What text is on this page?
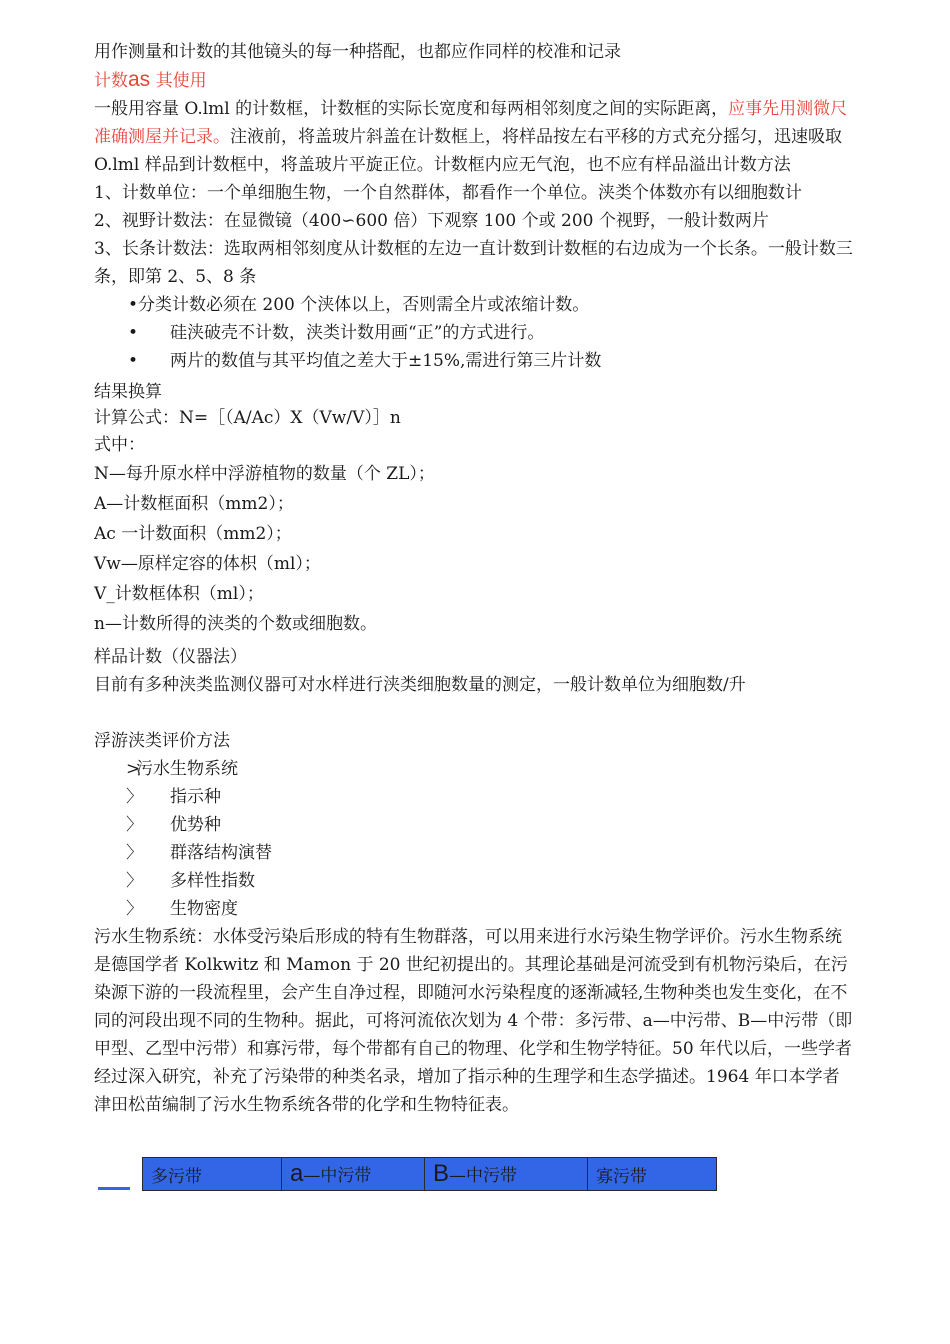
用作测量和计数的其他镜头的每一种搭配，也都应作同样的校准和记录

计数as 其使用

一般用容量 O.lml 的计数框，计数框的实际长宽度和每两相邻刻度之间的实际距离，应事先用测微尺准确测屋并记录。注液前，将盖玻片斜盖在计数框上，将样品按左右平移的方式充分摇匀，迅速吸取 O.lml 样品到计数框中，将盖玻片平旋正位。计数框内应无气泡，也不应有样品溢出计数方法

1、计数单位：一个单细胞生物，一个自然群体，都看作一个单位。浃类个体数亦有以细胞数计

2、视野计数法：在显微镜（400∽600 倍）下观察 100 个或 200 个视野，一般计数两片

3、长条计数法：选取两相邻刻度从计数框的左边一直计数到计数框的右边成为一个长条。一般计数三条，即第 2、5、8 条

•分类计数必须在 200 个浃体以上，否则需全片或浓缩计数。
• 硅浃破壳不计数，浃类计数用画“正”的方式进行。
• 两片的数值与其平均值之差大于±15%,需进行第三片计数

结果换算

计算公式：N=［（A/Ac）X（Vw/V）］n

式中：

N—每升原水样中浮游植物的数量（个 ZL）；

A—计数框面积（mm2）；

Ac 一计数面积（mm2）；

Vw—原样定容的体枳（ml）；

V_计数框体积（ml）；

n—计数所得的浃类的个数或细胞数。

样品计数（仪器法）

目前有多种浃类监测仪器可对水样进行浃类细胞数量的测定，一般计数单位为细胞数/升

浮游浃类评价方法

>污水生物系统
〉 指示种
〉 优势种
〉 群落结构演替
〉 多样性指数
〉 生物密度

污水生物系统：水体受污染后形成的特有生物群落，可以用来进行水污染生物学评价。污水生物系统是德国学者 Kolkwitz 和 Mamon 于 20 世纪初提出的。其理论基础是河流受到有机物污染后，在污染源下游的一段流程里，会产生自净过程，即随河水污染程度的逐渐减轻,生物种类也发生变化，在不同的河段出现不同的生物种。据此，可将河流依次划为 4 个带：多污带、a—中污带、B—中污带（即甲型、乙型中污带）和寡污带，每个带都有自己的物理、化学和生物学特征。50 年代以后，一些学者经过深入研究，补充了污染带的种类名录，增加了指示种的生理学和生态学描述。1964 年口本学者津田松苗编制了污水生物系统各带的化学和生物特征表。

多污带	a—中污带	B—中污带	寡污带
